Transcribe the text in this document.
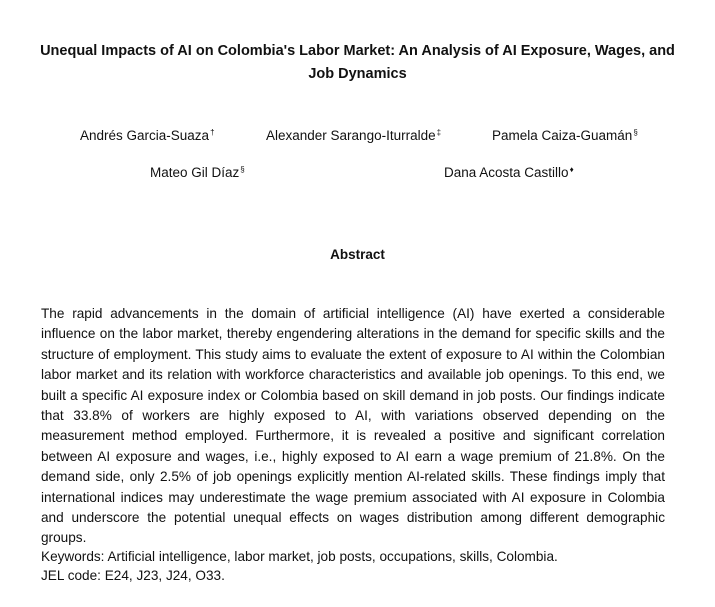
Unequal Impacts of AI on Colombia's Labor Market: An Analysis of AI Exposure, Wages, and Job Dynamics
Andrés Garcia-Suaza†	Alexander Sarango-Iturralde‡	Pamela Caiza-Guamán§
Mateo Gil Díaz§	Dana Acosta Castillo♦
Abstract
The rapid advancements in the domain of artificial intelligence (AI) have exerted a considerable influence on the labor market, thereby engendering alterations in the demand for specific skills and the structure of employment. This study aims to evaluate the extent of exposure to AI within the Colombian labor market and its relation with workforce characteristics and available job openings. To this end, we built a specific AI exposure index or Colombia based on skill demand in job posts. Our findings indicate that 33.8% of workers are highly exposed to AI, with variations observed depending on the measurement method employed. Furthermore, it is revealed a positive and significant correlation between AI exposure and wages, i.e., highly exposed to AI earn a wage premium of 21.8%. On the demand side, only 2.5% of job openings explicitly mention AI-related skills. These findings imply that international indices may underestimate the wage premium associated with AI exposure in Colombia and underscore the potential unequal effects on wages distribution among different demographic groups.
Keywords: Artificial intelligence, labor market, job posts, occupations, skills, Colombia.
JEL code: E24, J23, J24, O33.
